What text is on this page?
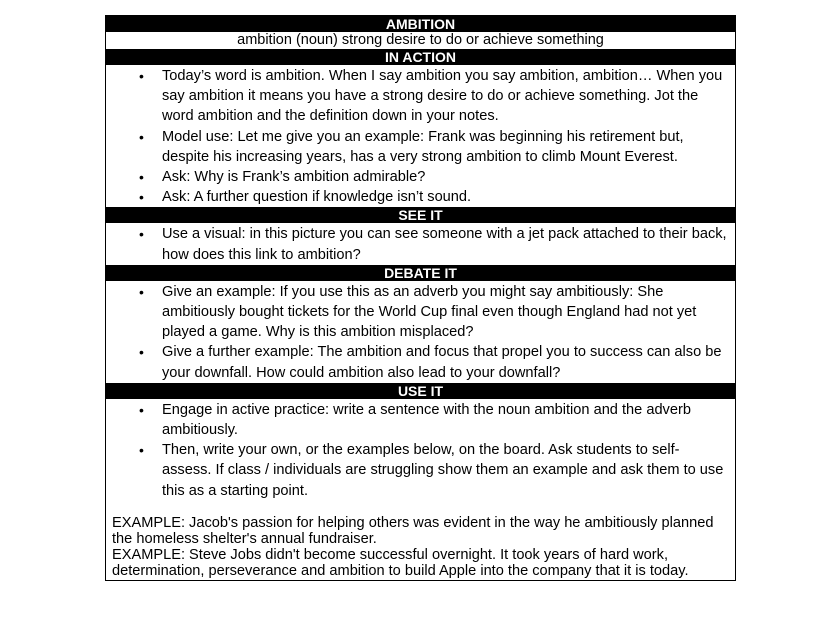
AMBITION
ambition (noun) strong desire to do or achieve something
IN ACTION
• Today’s word is ambition. When I say ambition you say ambition, ambition… When you say ambition it means you have a strong desire to do or achieve something. Jot the word ambition and the definition down in your notes.
• Model use: Let me give you an example: Frank was beginning his retirement but, despite his increasing years, has a very strong ambition to climb Mount Everest.
• Ask: Why is Frank’s ambition admirable?
• Ask: A further question if knowledge isn’t sound.
SEE IT
• Use a visual: in this picture you can see someone with a jet pack attached to their back, how does this link to ambition?
DEBATE IT
• Give an example: If you use this as an adverb you might say ambitiously: She ambitiously bought tickets for the World Cup final even though England had not yet played a game. Why is this ambition misplaced?
• Give a further example: The ambition and focus that propel you to success can also be your downfall. How could ambition also lead to your downfall?
USE IT
• Engage in active practice: write a sentence with the noun ambition and the adverb ambitiously.
• Then, write your own, or the examples below, on the board. Ask students to self-assess. If class / individuals are struggling show them an example and ask them to use this as a starting point.

EXAMPLE: Jacob's passion for helping others was evident in the way he ambitiously planned the homeless shelter's annual fundraiser.

EXAMPLE: Steve Jobs didn't become successful overnight. It took years of hard work, determination, perseverance and ambition to build Apple into the company that it is today.
